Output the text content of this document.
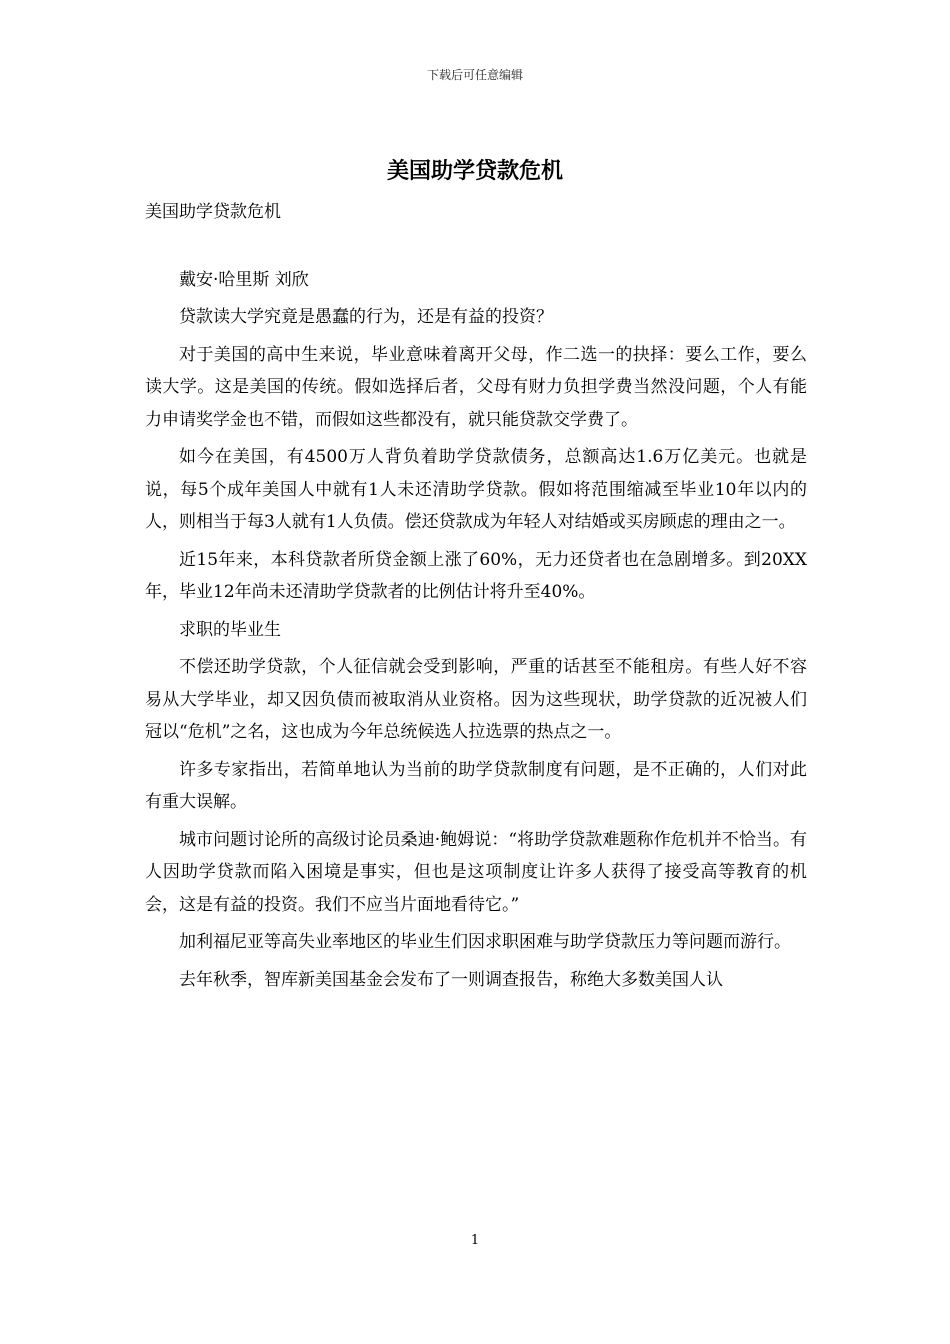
下载后可任意编辑
美国助学贷款危机

美国助学贷款危机

戴安·哈里斯 刘欣

贷款读大学究竟是愚蠢的行为，还是有益的投资？

对于美国的高中生来说，毕业意味着离开父母，作二选一的抉择：要么工作，要么读大学。这是美国的传统。假如选择后者，父母有财力负担学费当然没问题，个人有能力申请奖学金也不错，而假如这些都没有，就只能贷款交学费了。

如今在美国，有4500万人背负着助学贷款债务，总额高达1.6万亿美元。也就是说，每5个成年美国人中就有1人未还清助学贷款。假如将范围缩减至毕业10年以内的人，则相当于每3人就有1人负债。偿还贷款成为年轻人对结婚或买房顾虑的理由之一。

近15年来，本科贷款者所贷金额上涨了60%，无力还贷者也在急剧增多。到20XX年，毕业12年尚未还清助学贷款者的比例估计将升至40%。

求职的毕业生

不偿还助学贷款，个人征信就会受到影响，严重的话甚至不能租房。有些人好不容易从大学毕业，却又因负债而被取消从业资格。因为这些现状，助学贷款的近况被人们冠以“危机”之名，这也成为今年总统候选人拉选票的热点之一。

许多专家指出，若简单地认为当前的助学贷款制度有问题，是不正确的，人们对此有重大误解。

城市问题讨论所的高级讨论员桑迪·鲍姆说：“将助学贷款难题称作危机并不恰当。有人因助学贷款而陷入困境是事实，但也是这项制度让许多人获得了接受高等教育的机会，这是有益的投资。我们不应当片面地看待它。”

加利福尼亚等高失业率地区的毕业生们因求职困难与助学贷款压力等问题而游行。

去年秋季，智库新美国基金会发布了一则调查报告，称绝大多数美国人认

1
